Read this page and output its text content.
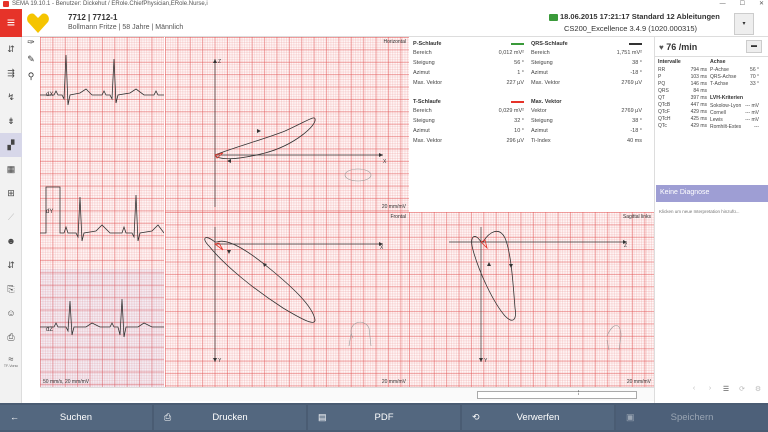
SEMA 19.10.1 - Benutzer: Dickehut / ERole.ChiefPhysician,ERole.Nurse,i	— ☐ ✕
≡	7712 | 7712-1
Bollmann Fritze | 58 Jahre | Männlich
18.06.2015 17:21:17 Standard 12 Ableitungen
CS200_Excellence 3.4.9 (1020.000315)	▾
⇵
⇶
↯
⇟
▞
▦
⊞
⟋
☻
⇵
⎘
☺
⎙
≈
TF-Vorsc
✑
✎
⚲
dX
dY
dZ
50 mm/s, 20 mm/mV
Horizontal
X
Z
20 mm/mV
P-Schlaufe
Bereich	0,012 mV²
Steigung	56 °
Azimut	1 °
Max. Vektor	227 µV
QRS-Schlaufe
Bereich	1,751 mV²
Steigung	38 °
Azimut	-18 °
Max. Vektor	2769 µV
T-Schlaufe
Bereich	0,029 mV²
Steigung	32 °
Azimut	10 °
Max. Vektor	296 µV
Max. Vektor
Vektor	2769 µV
Steigung	38 °
Azimut	-18 °
Ti-Index	40 ms
Frontal
X
Y
20 mm/mV
Sagittal links
Z
Y
20 mm/mV
¦
♥ 76 /min	▬
Intervalle
RR	794 ms
P	103 ms
PQ	146 ms
QRS	84 ms
QT	397 ms
QTcB	447 ms
QTcF	429 ms
QTcH	425 ms
QTc	429 ms
Achse
P-Achse	56 °
QRS-Achse	70 °
T-Achse	33 °
LVH-Kriterien
Sokolow-Lyon --- mV
Cornell	--- mV
Lewis	--- mV
Romhilt-Estes	---
Keine Diagnose
Klicken um neue Interpretation hinzufü...
‹	›	☰	⟳	⚙
←	Suchen	⎙	Drucken	▤	PDF	⟲	Verwerfen	▣	Speichern
